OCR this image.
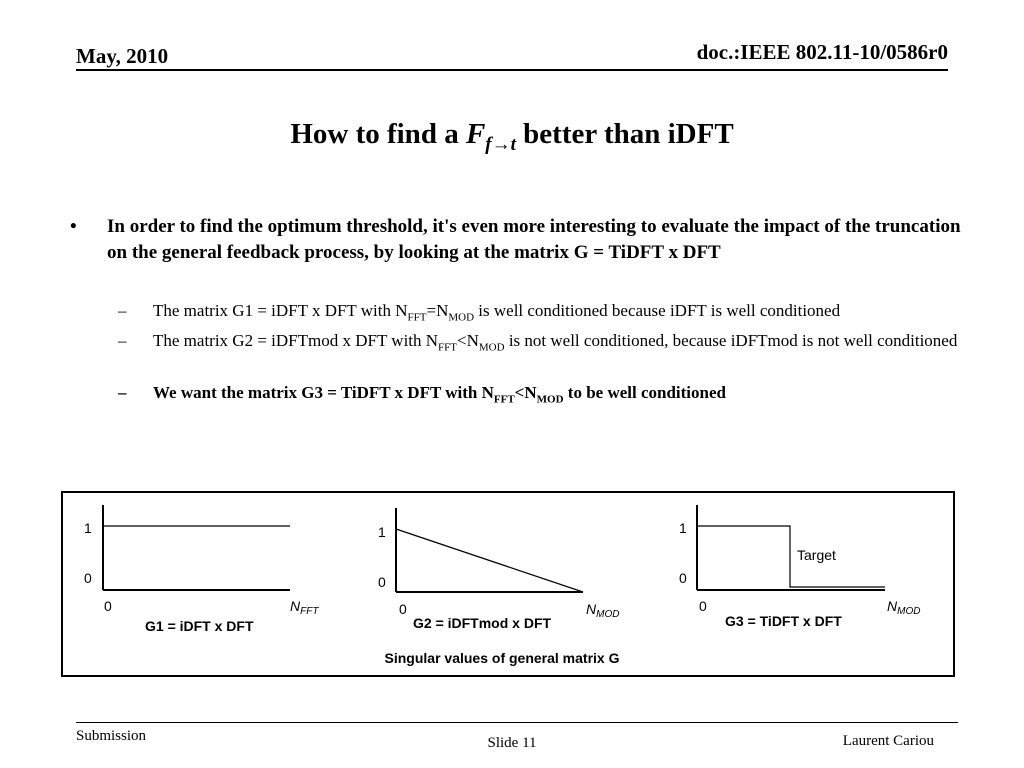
May, 2010	doc.:IEEE 802.11-10/0586r0
How to find a $F_{f\to t}$ better than iDFT
• In order to find the optimum threshold, it's even more interesting to evaluate the impact of the truncation on the general feedback process, by looking at the matrix G = TiDFT x DFT
– The matrix G1 = iDFT x DFT with $N_{FFT}=N_{MOD}$ is well conditioned because iDFT is well conditioned
– The matrix G2 = iDFTmod x DFT with $N_{FFT}<N_{MOD}$ is not well conditioned, because iDFTmod is not well conditioned
– We want the matrix G3 = TiDFT x DFT with $N_{FFT}<N_{MOD}$ to be well conditioned
1
0
0	$N_{FFT}$
G1 = iDFT x DFT
1
0
0	$N_{MOD}$
G2 = iDFTmod x DFT
1
0
0	$N_{MOD}$
Target
G3 = TiDFT x DFT
Singular values of general matrix G
Submission	Slide 11	Laurent Cariou
